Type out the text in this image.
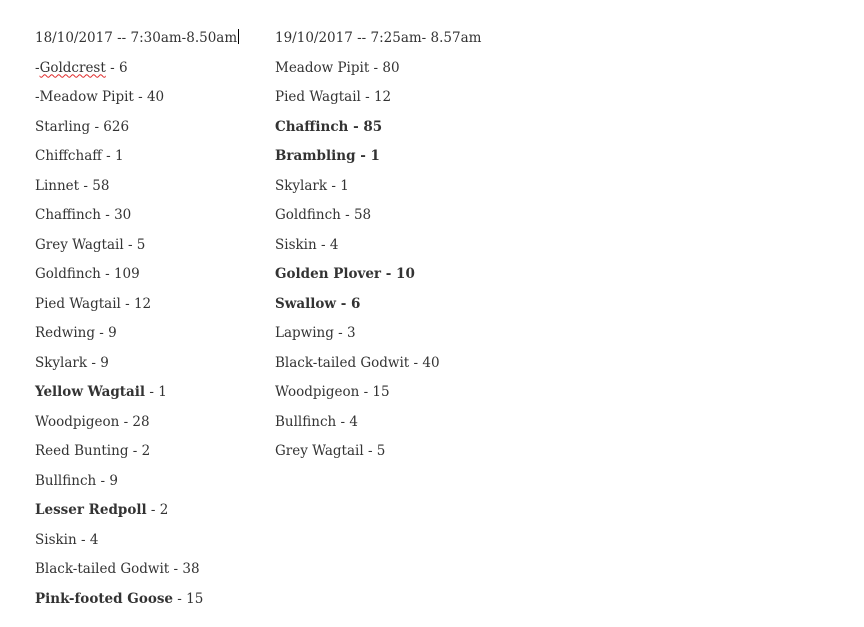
18/10/2017 -- 7:30am-8.50am
-Goldcrest - 6
-Meadow Pipit - 40
Starling - 626
Chiffchaff - 1
Linnet - 58
Chaffinch - 30
Grey Wagtail - 5
Goldfinch - 109
Pied Wagtail - 12
Redwing - 9
Skylark - 9
Yellow Wagtail - 1
Woodpigeon - 28
Reed Bunting - 2
Bullfinch - 9
Lesser Redpoll - 2
Siskin - 4
Black-tailed Godwit - 38
Pink-footed Goose - 15
19/10/2017 -- 7:25am- 8.57am
Meadow Pipit - 80
Pied Wagtail - 12
Chaffinch - 85
Brambling - 1
Skylark - 1
Goldfinch - 58
Siskin - 4
Golden Plover - 10
Swallow - 6
Lapwing - 3
Black-tailed Godwit - 40
Woodpigeon - 15
Bullfinch - 4
Grey Wagtail - 5
